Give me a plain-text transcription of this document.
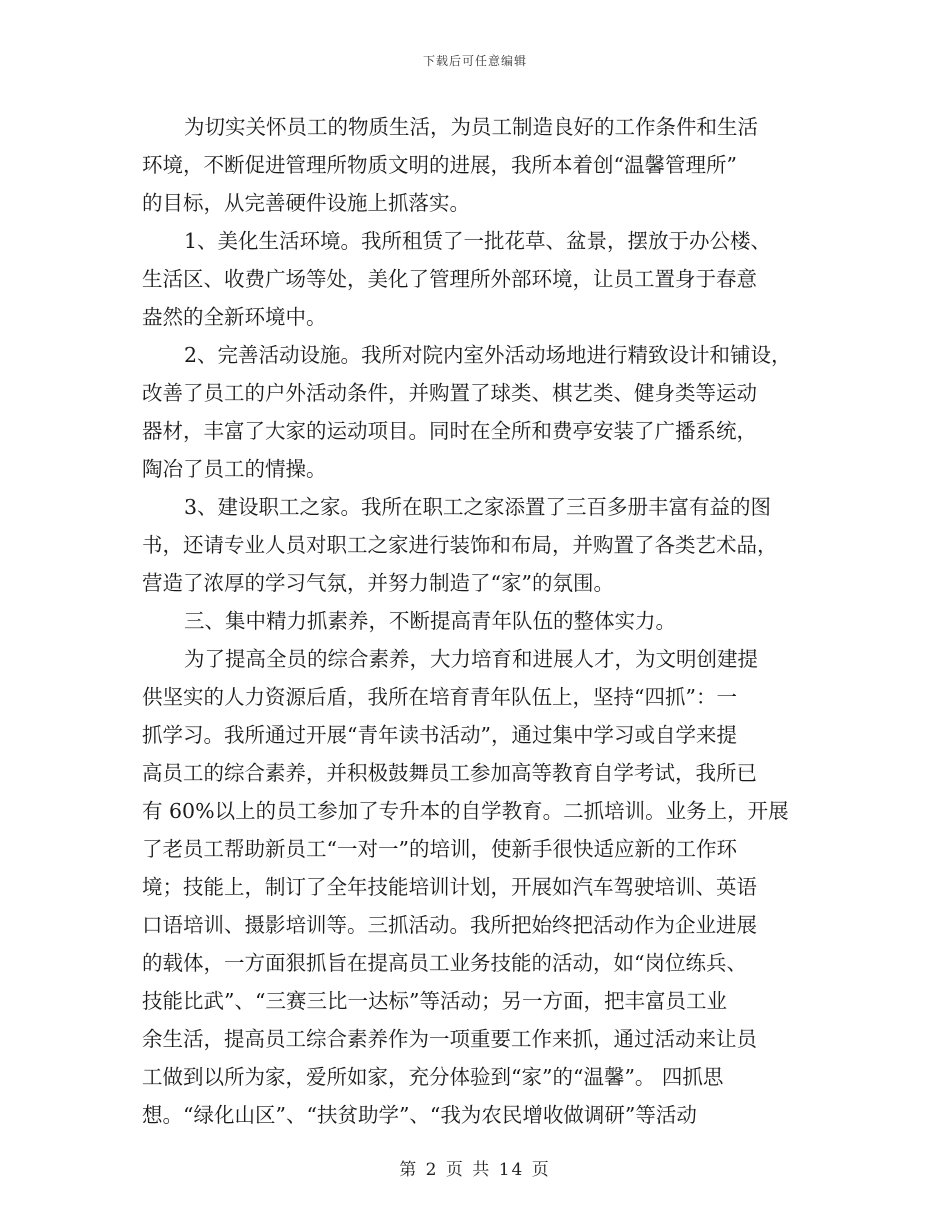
下载后可任意编辑
为切实关怀员工的物质生活，为员工制造良好的工作条件和生活
环境，不断促进管理所物质文明的进展，我所本着创“温馨管理所”
的目标，从完善硬件设施上抓落实。
1、美化生活环境。我所租赁了一批花草、盆景，摆放于办公楼、
生活区、收费广场等处，美化了管理所外部环境，让员工置身于春意
盎然的全新环境中。
2、完善活动设施。我所对院内室外活动场地进行精致设计和铺设，
改善了员工的户外活动条件，并购置了球类、棋艺类、健身类等运动
器材，丰富了大家的运动项目。同时在全所和费亭安装了广播系统，
陶冶了员工的情操。
3、建设职工之家。我所在职工之家添置了三百多册丰富有益的图
书，还请专业人员对职工之家进行装饰和布局，并购置了各类艺术品，
营造了浓厚的学习气氛，并努力制造了“家”的氛围。
三、集中精力抓素养，不断提高青年队伍的整体实力。
为了提高全员的综合素养，大力培育和进展人才，为文明创建提
供坚实的人力资源后盾，我所在培育青年队伍上，坚持“四抓”：一
抓学习。我所通过开展“青年读书活动”，通过集中学习或自学来提
高员工的综合素养，并积极鼓舞员工参加高等教育自学考试，我所已
有 60%以上的员工参加了专升本的自学教育。二抓培训。业务上，开展
了老员工帮助新员工“一对一”的培训，使新手很快适应新的工作环
境；技能上，制订了全年技能培训计划，开展如汽车驾驶培训、英语
口语培训、摄影培训等。三抓活动。我所把始终把活动作为企业进展
的载体，一方面狠抓旨在提高员工业务技能的活动，如“岗位练兵、
技能比武”、“三赛三比一达标”等活动；另一方面，把丰富员工业
余生活，提高员工综合素养作为一项重要工作来抓，通过活动来让员
工做到以所为家，爱所如家，充分体验到“家”的“温馨”。 四抓思
想。“绿化山区”、“扶贫助学”、“我为农民增收做调研”等活动
第 2 页 共 14 页
